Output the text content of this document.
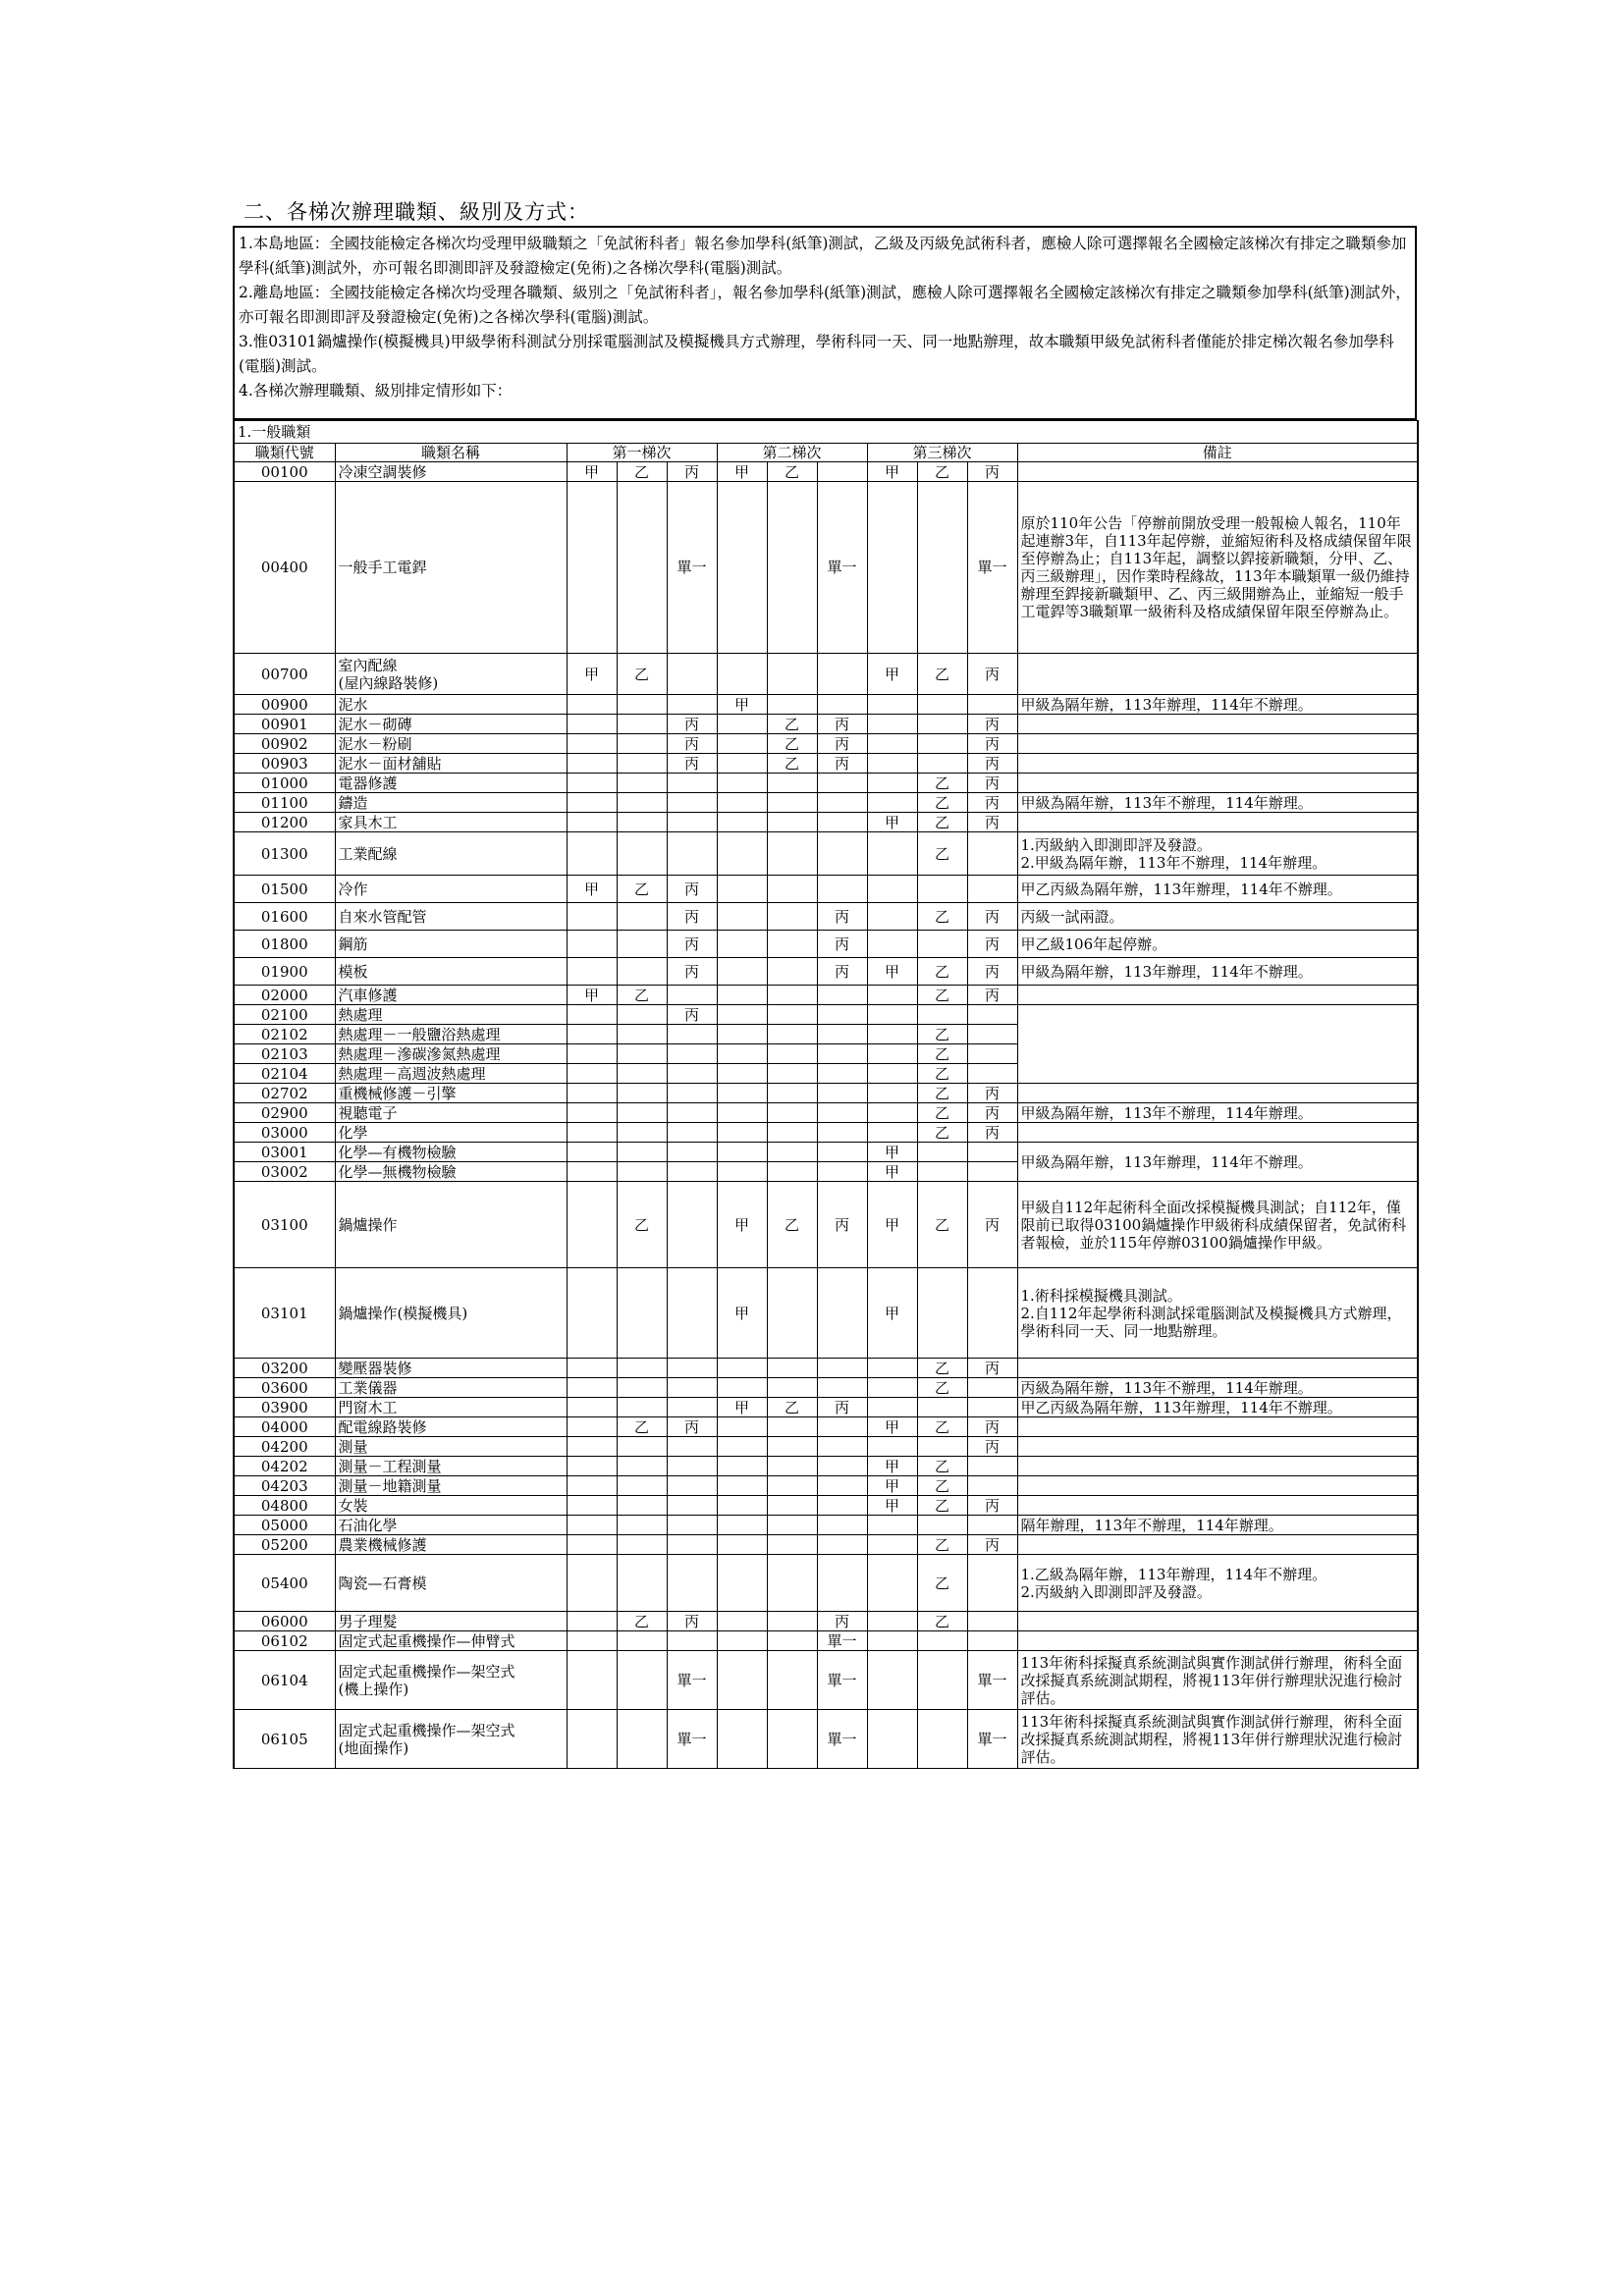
二、各梯次辦理職類、級別及方式：

1.本島地區：全國技能檢定各梯次均受理甲級職類之「免試術科者」報名參加學科(紙筆)測試，乙級及丙級免試術科者，應檢人除可選擇報名全國檢定該梯次有排定之職類參加學科(紙筆)測試外，亦可報名即測即評及發證檢定(免術)之各梯次學科(電腦)測試。

2.離島地區：全國技能檢定各梯次均受理各職類、級別之「免試術科者」，報名參加學科(紙筆)測試，應檢人除可選擇報名全國檢定該梯次有排定之職類參加學科(紙筆)測試外，亦可報名即測即評及發證檢定(免術)之各梯次學科(電腦)測試。

3.惟03101鍋爐操作(模擬機具)甲級學術科測試分別採電腦測試及模擬機具方式辦理，學術科同一天、同一地點辦理，故本職類甲級免試術科者僅能於排定梯次報名參加學科(電腦)測試。

4.各梯次辦理職類、級別排定情形如下：

1.一般職類											
職類代號	職類名稱	第一梯次			第二梯次			第三梯次			備註
00100	冷凍空調裝修	甲	乙	丙	甲	乙		甲	乙	丙	
00400	一般手工電銲			單一			單一			單一	原於110年公告「停辦前開放受理一般報檢人報名，110年起連辦3年，自113年起停辦，並縮短術科及格成績保留年限至停辦為止；自113年起，調整以銲接新職類，分甲、乙、丙三級辦理」，因作業時程緣故，113年本職類單一級仍維持辦理至銲接新職類甲、乙、丙三級開辦為止，並縮短一般手工電銲等3職類單一級術科及格成績保留年限至停辦為止。
00700	室內配線
(屋內線路裝修)	甲	乙					甲	乙	丙	
00900	泥水				甲						甲級為隔年辦，113年辦理，114年不辦理。
00901	泥水－砌磚			丙		乙	丙			丙	
00902	泥水－粉刷			丙		乙	丙			丙	
00903	泥水－面材舖貼			丙		乙	丙			丙	
01000	電器修護								乙	丙	
01100	鑄造								乙	丙	甲級為隔年辦，113年不辦理，114年辦理。
01200	家具木工							甲	乙	丙	
01300	工業配線								乙		1.丙級納入即測即評及發證。
2.甲級為隔年辦，113年不辦理，114年辦理。
01500	冷作	甲	乙	丙							甲乙丙級為隔年辦，113年辦理，114年不辦理。
01600	自來水管配管			丙			丙		乙	丙	丙級一試兩證。
01800	鋼筋			丙			丙			丙	甲乙級106年起停辦。
01900	模板			丙			丙	甲	乙	丙	甲級為隔年辦，113年辦理，114年不辦理。
02000	汽車修護	甲	乙						乙	丙	
02100	熱處理			丙							
02102	熱處理－一般鹽浴熱處理								乙		
02103	熱處理－滲碳滲氮熱處理								乙		
02104	熱處理－高週波熱處理								乙		
02702	重機械修護－引擎								乙	丙	
02900	視聽電子								乙	丙	甲級為隔年辦，113年不辦理，114年辦理。
03000	化學								乙	丙	
03001	化學—有機物檢驗							甲			甲級為隔年辦，113年辦理，114年不辦理。
03002	化學—無機物檢驗							甲			
03100	鍋爐操作		乙		甲	乙	丙	甲	乙	丙	甲級自112年起術科全面改採模擬機具測試；自112年，僅限前已取得03100鍋爐操作甲級術科成績保留者，免試術科者報檢，並於115年停辦03100鍋爐操作甲級。
03101	鍋爐操作(模擬機具)				甲			甲			1.術科採模擬機具測試。
2.自112年起學術科測試採電腦測試及模擬機具方式辦理，學術科同一天、同一地點辦理。
03200	變壓器裝修								乙	丙	
03600	工業儀器								乙		丙級為隔年辦，113年不辦理，114年辦理。
03900	門窗木工				甲	乙	丙				甲乙丙級為隔年辦，113年辦理，114年不辦理。
04000	配電線路裝修		乙	丙				甲	乙	丙	
04200	測量									丙	
04202	測量－工程測量							甲	乙		
04203	測量－地籍測量							甲	乙		
04800	女裝							甲	乙	丙	
05000	石油化學										隔年辦理，113年不辦理，114年辦理。
05200	農業機械修護								乙	丙	
05400	陶瓷—石膏模								乙		1.乙級為隔年辦，113年辦理，114年不辦理。
2.丙級納入即測即評及發證。
06000	男子理髮		乙	丙			丙		乙		
06102	固定式起重機操作—伸臂式						單一				
06104	固定式起重機操作—架空式
(機上操作)			單一			單一			單一	113年術科採擬真系統測試與實作測試併行辦理，術科全面改採擬真系統測試期程，將視113年併行辦理狀況進行檢討評估。
06105	固定式起重機操作—架空式
(地面操作)			單一			單一			單一	113年術科採擬真系統測試與實作測試併行辦理，術科全面改採擬真系統測試期程，將視113年併行辦理狀況進行檢討評估。
